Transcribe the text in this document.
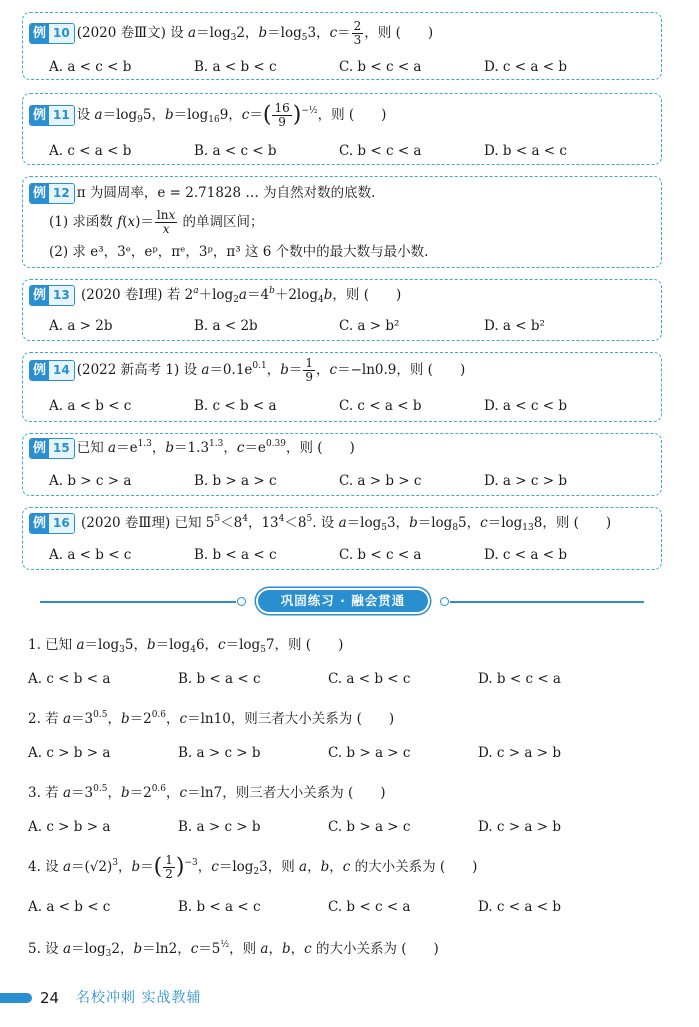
例 10 (2020 卷Ⅲ文) 设 $a=\log_32$，$b=\log_53$，$c= \frac{2}{3}$ ，则 (　　)
A. a < c < b	B. a < b < c	C. b < c < a	D. c < a < b
例 11 设 $a=\log_95$，$b=\log_{16}9$，$c=( \frac{16}{9} )^{-\frac{1}{2}}$，则 (　　)
A. c < a < b	B. a < c < b	C. b < c < a	D. b < a < c
例 12 π 为圆周率，e = 2.71828 … 为自然对数的底数.
(1) 求函数 $f(x)= \frac{\ln x}{x}$ 的单调区间；
(2) 求 e³，3ᵉ，eᵖ，πᵉ，3ᵖ，π³ 这 6 个数中的最大数与最小数.
例 13 (2020 卷Ⅰ理) 若 $2^a+\log_2a=4^b+2\log_4b$，则 (　　)
A. a > 2b	B. a < 2b	C. a > b²	D. a < b²
例 14 (2022 新高考 1) 设 $a=0.1e^{0.1}$，$b= \frac{1}{9}$ ，c＝−ln0.9，则 (　　)
A. a < b < c	B. c < b < a	C. c < a < b	D. a < c < b
例 15 已知 $a=e^{1.3}$，$b=1.3^{1.3}$，$c=e^{0.39}$，则 (　　)
A. b > c > a	B. b > a > c	C. a > b > c	D. a > c > b
例 16 (2020 卷Ⅲ理) 已知 $5^5<8^4$，$13^4<8^5$. 设 $a=\log_53$，$b=\log_85$，$c=\log_{13}8$，则 (　　)
A. a < b < c	B. b < a < c	C. b < c < a	D. c < a < b
巩固练习 · 融会贯通
1. 已知 $a=\log_35$，$b=\log_46$，$c=\log_57$，则 (　　)
A. c < b < a	B. b < a < c	C. a < b < c	D. b < c < a
2. 若 $a=3^{0.5}$，$b=2^{0.6}$，c＝ln10，则三者大小关系为 (　　)
A. c > b > a	B. a > c > b	C. b > a > c	D. c > a > b
3. 若 $a=3^{0.5}$，$b=2^{0.6}$，c＝ln7，则三者大小关系为 (　　)
A. c > b > a	B. a > c > b	C. b > a > c	D. c > a > b
4. 设 $a=(√2)^3$，$b=( \frac{1}{2} )^{-3}$，$c=\log_23$，则 a，b，c 的大小关系为 (　　)
A. a < b < c	B. b < a < c	C. b < c < a	D. c < a < b
5. 设 $a=\log_32$，b＝ln2，$c=5^{\frac{1}{2}}$，则 a，b，c 的大小关系为 (　　)
24 名校冲刺 实战教辅
